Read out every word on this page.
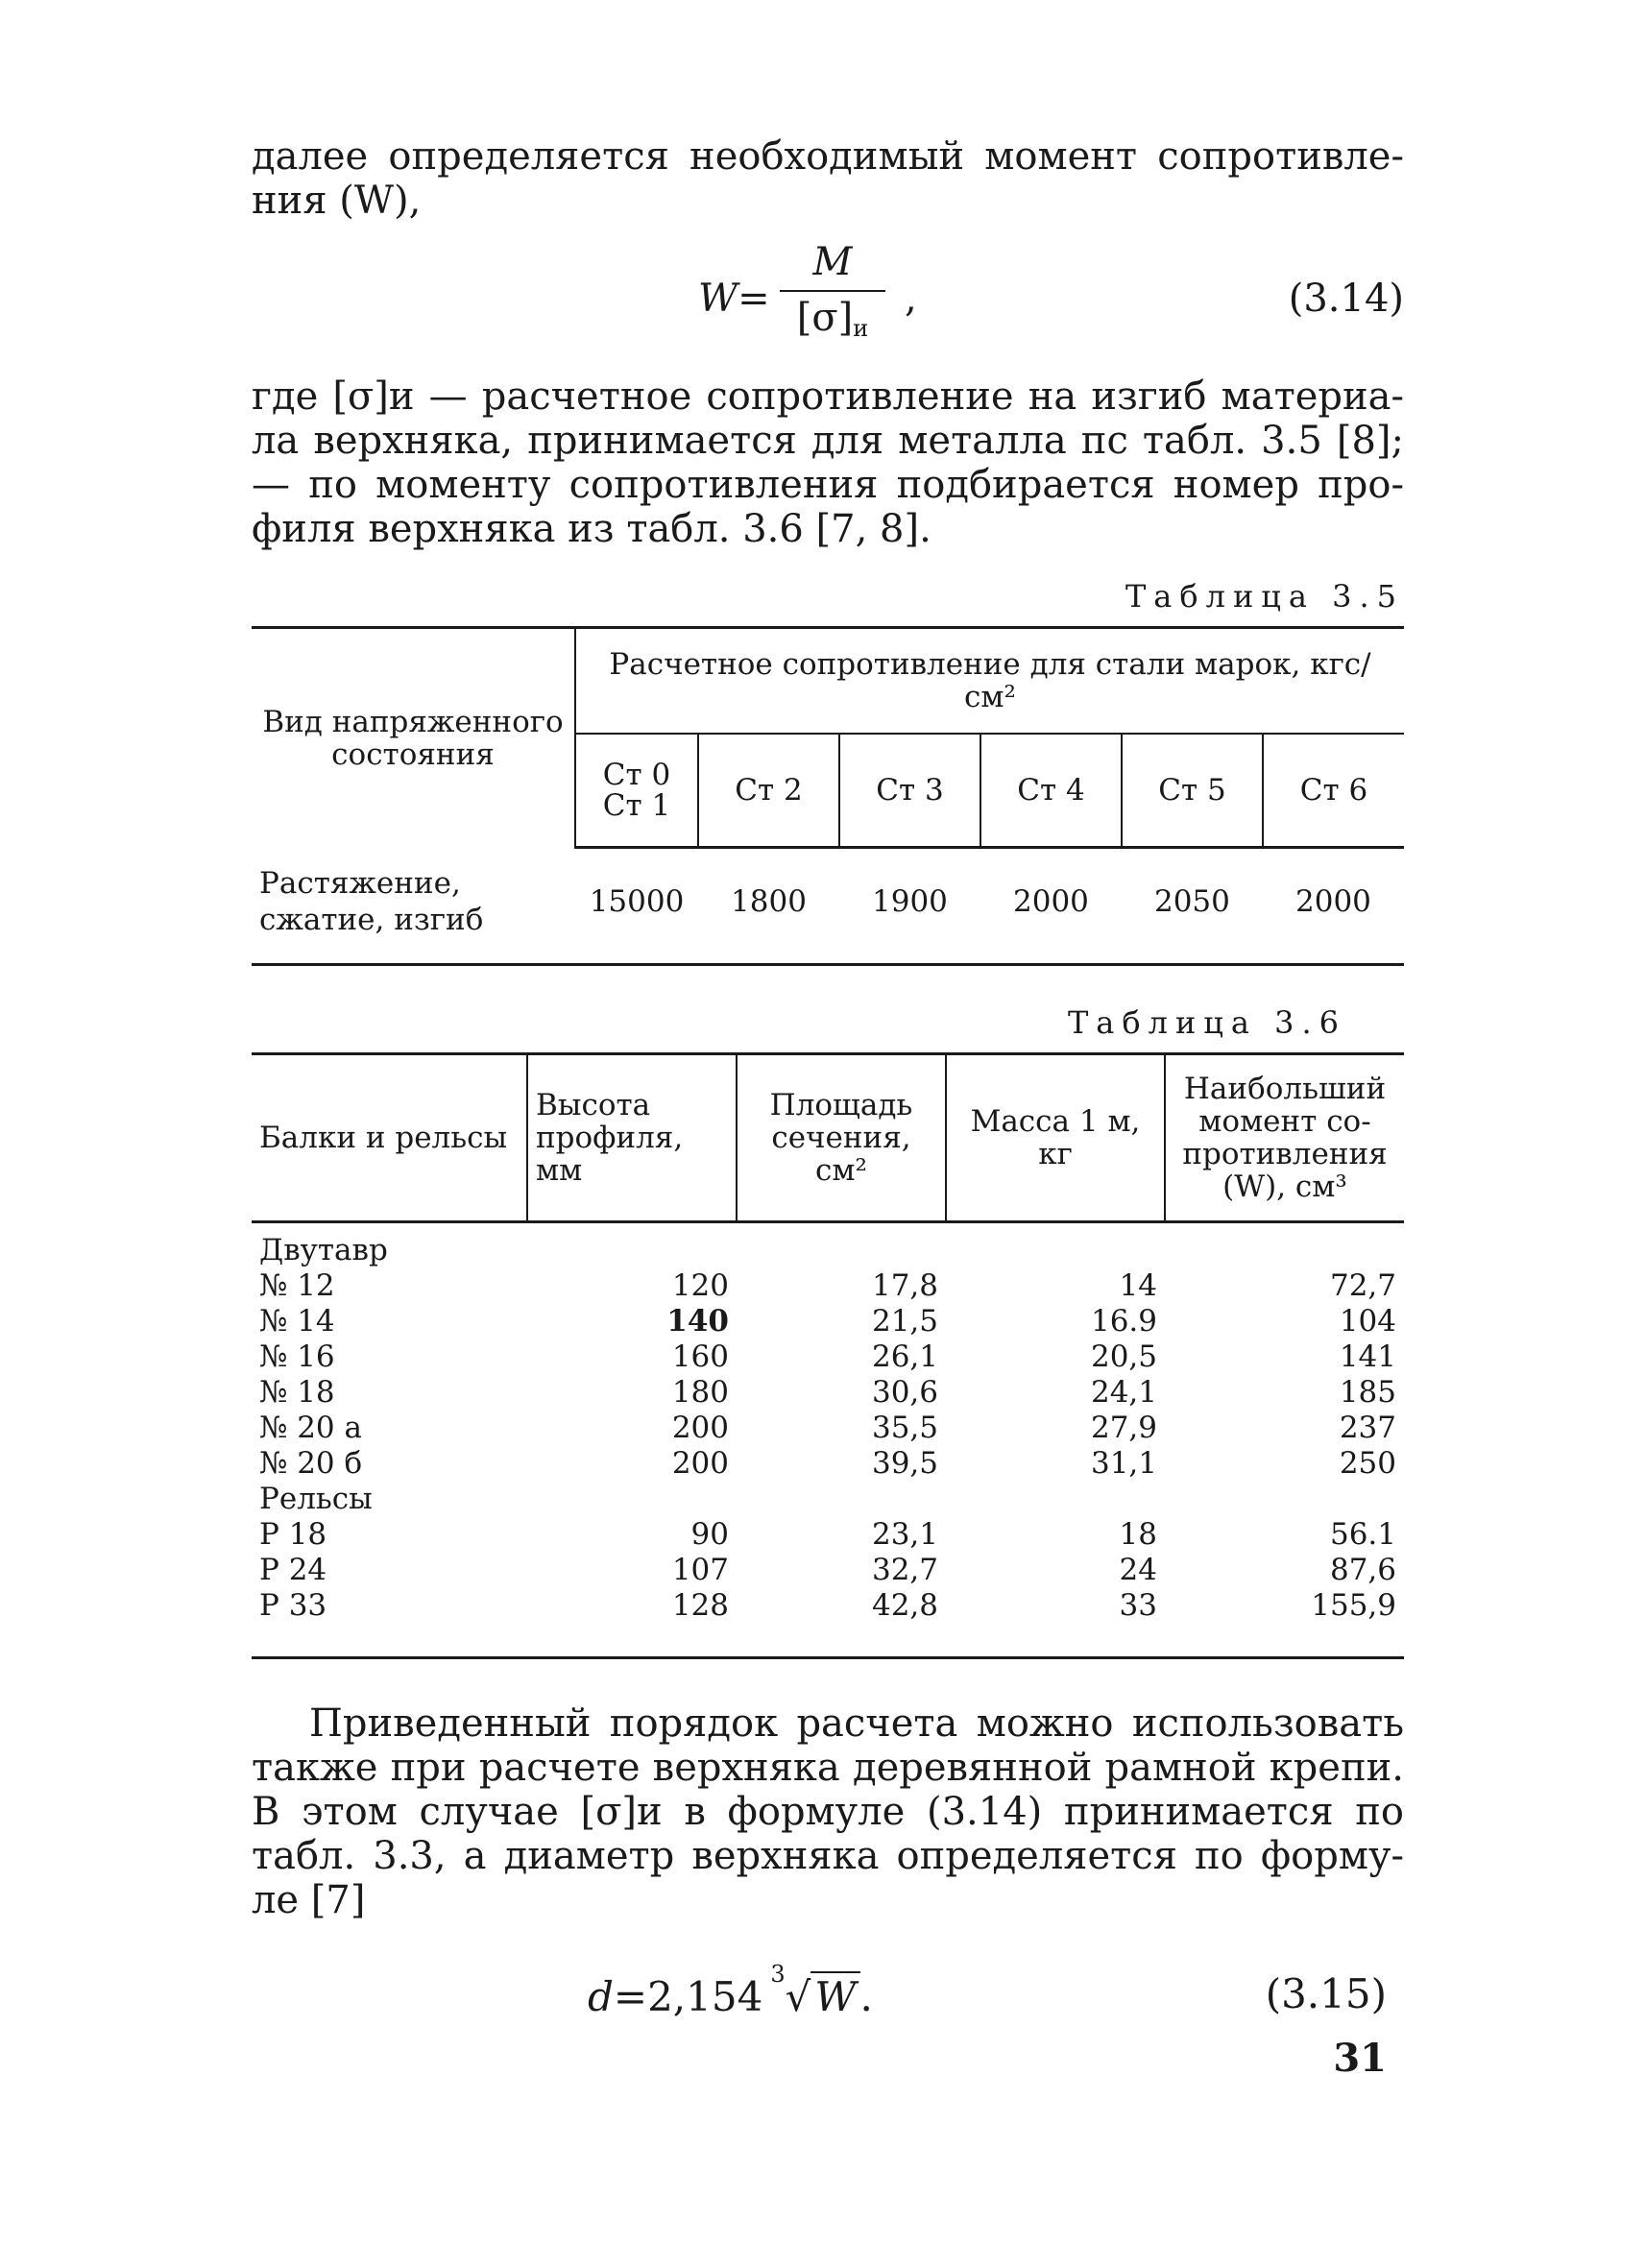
далее определяется необходимый момент сопротивле-
ния (W),

W=
M
$[\sigma]_и$
,	(3.14)

где [σ]и — расчетное сопротивление на изгиб материа-
ла верхняка, принимается для металла пс табл. 3.5 [8];
— по моменту сопротивления подбирается номер про-
филя верхняка из табл. 3.6 [7, 8].

Таблица 3.5

Вид напряженного состояния	Расчетное сопротивление для стали марок, кгс/см²					
	Ст 0 Ст 1	Ст 2	Ст 3	Ст 4	Ст 5	Ст 6
Растяжение, сжатие, изгиб	15000	1800	1900	2000	2050	2000

Таблица 3.6

Балки и рельсы	Высота профиля, мм	Площадь сечения, см²	Масса 1 м, кг	Наибольший момент со-противления (W), см³
Двутавр				
№ 12	120	17,8	14	72,7
№ 14	140	21,5	16.9	104
№ 16	160	26,1	20,5	141
№ 18	180	30,6	24,1	185
№ 20 а	200	35,5	27,9	237
№ 20 б	200	39,5	31,1	250
Рельсы				
Р 18	90	23,1	18	56.1
Р 24	107	32,7	24	87,6
Р 33	128	42,8	33	155,9

Приведенный порядок расчета можно использовать
также при расчете верхняка деревянной рамной крепи.
В этом случае [σ]и в формуле (3.14) принимается по
табл. 3.3, а диаметр верхняка определяется по форму-
ле [7]

d=2,154 $^3$√W.	(3.15)

31
